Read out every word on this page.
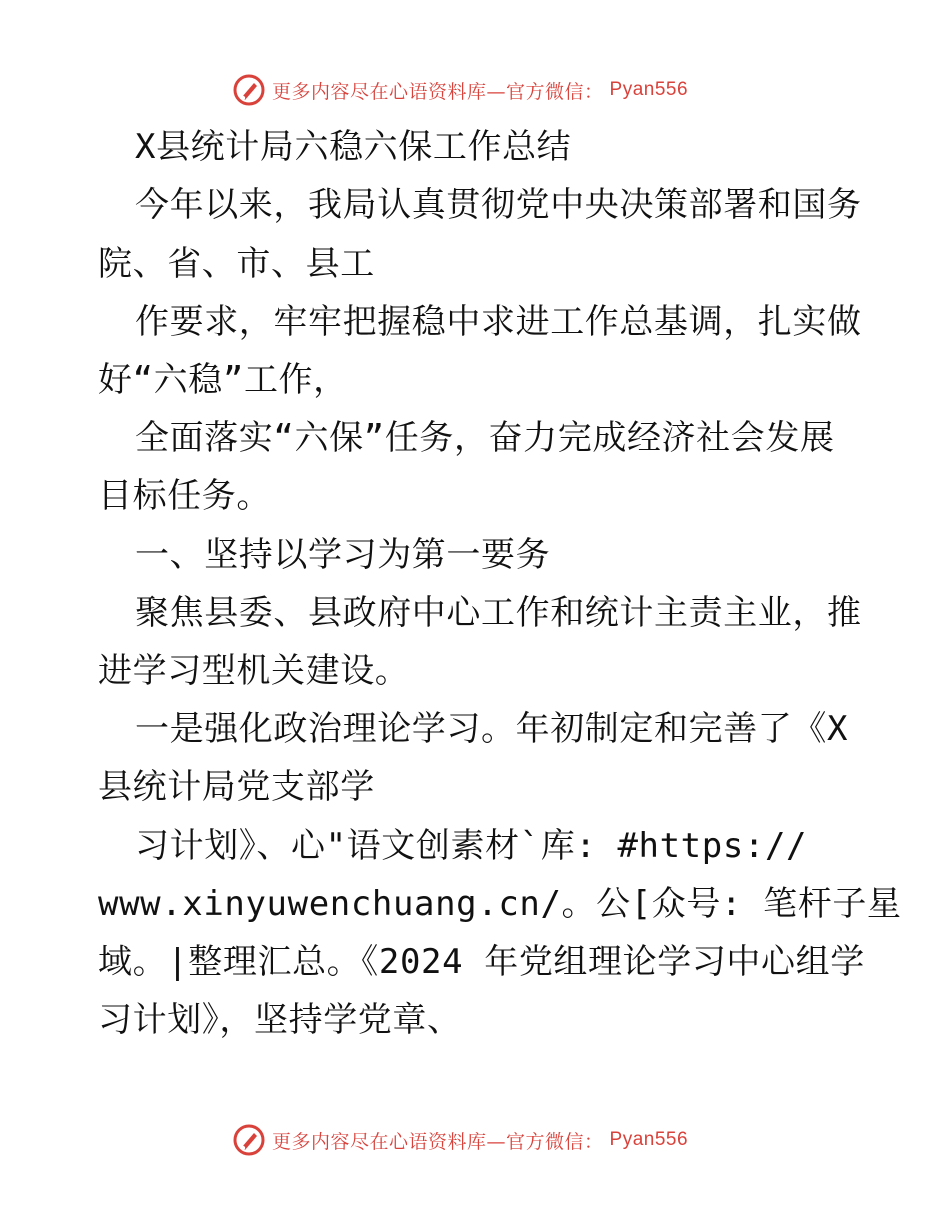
更多内容尽在心语资料库—官方微信： Pyan556
X县统计局六稳六保工作总结
今年以来，我局认真贯彻党中央决策部署和国务
院、省、市、县工
作要求，牢牢把握稳中求进工作总基调，扎实做
好“六稳”工作，
全面落实“六保”任务，奋力完成经济社会发展
目标任务。
一、坚持以学习为第一要务
聚焦县委、县政府中心工作和统计主责主业，推
进学习型机关建设。
一是强化政治理论学习。年初制定和完善了《X
县统计局党支部学
习计划》、心"语文创素材`库: #https://
www.xinyuwenchuang.cn/。公[众号: 笔杆子星
域。|整理汇总。《2024 年党组理论学习中心组学
习计划》，坚持学党章、
更多内容尽在心语资料库—官方微信： Pyan556
